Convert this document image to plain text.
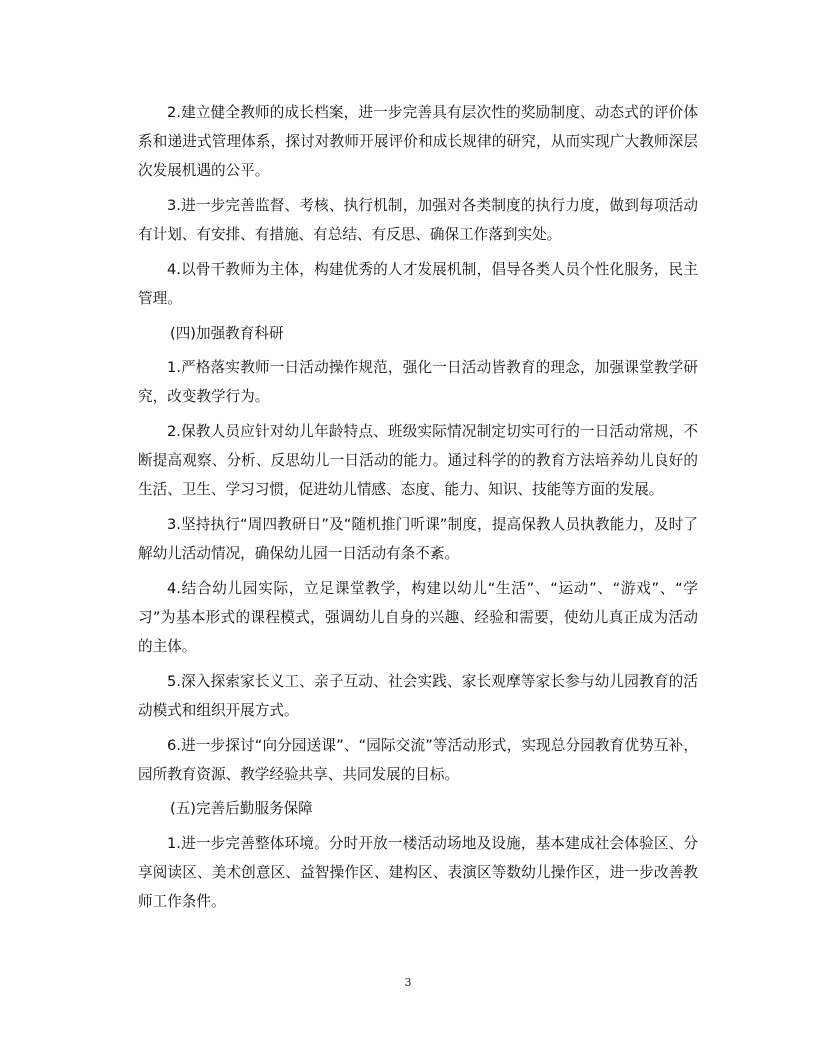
2.建立健全教师的成长档案，进一步完善具有层次性的奖励制度、动态式的评价体系和递进式管理体系，探讨对教师开展评价和成长规律的研究，从而实现广大教师深层次发展机遇的公平。

3.进一步完善监督、考核、执行机制，加强对各类制度的执行力度，做到每项活动有计划、有安排、有措施、有总结、有反思、确保工作落到实处。

4.以骨干教师为主体，构建优秀的人才发展机制，倡导各类人员个性化服务，民主管理。

(四)加强教育科研

1.严格落实教师一日活动操作规范，强化一日活动皆教育的理念，加强课堂教学研究，改变教学行为。

2.保教人员应针对幼儿年龄特点、班级实际情况制定切实可行的一日活动常规，不断提高观察、分析、反思幼儿一日活动的能力。通过科学的的教育方法培养幼儿良好的生活、卫生、学习习惯，促进幼儿情感、态度、能力、知识、技能等方面的发展。

3.坚持执行“周四教研日”及“随机推门听课”制度，提高保教人员执教能力，及时了解幼儿活动情况，确保幼儿园一日活动有条不紊。

4.结合幼儿园实际，立足课堂教学，构建以幼儿“生活”、“运动”、“游戏”、“学习”为基本形式的课程模式，强调幼儿自身的兴趣、经验和需要，使幼儿真正成为活动的主体。

5.深入探索家长义工、亲子互动、社会实践、家长观摩等家长参与幼儿园教育的活动模式和组织开展方式。

6.进一步探讨“向分园送课”、“园际交流”等活动形式，实现总分园教育优势互补，园所教育资源、教学经验共享、共同发展的目标。

(五)完善后勤服务保障

1.进一步完善整体环境。分时开放一楼活动场地及设施，基本建成社会体验区、分享阅读区、美术创意区、益智操作区、建构区、表演区等数幼儿操作区，进一步改善教师工作条件。

3
